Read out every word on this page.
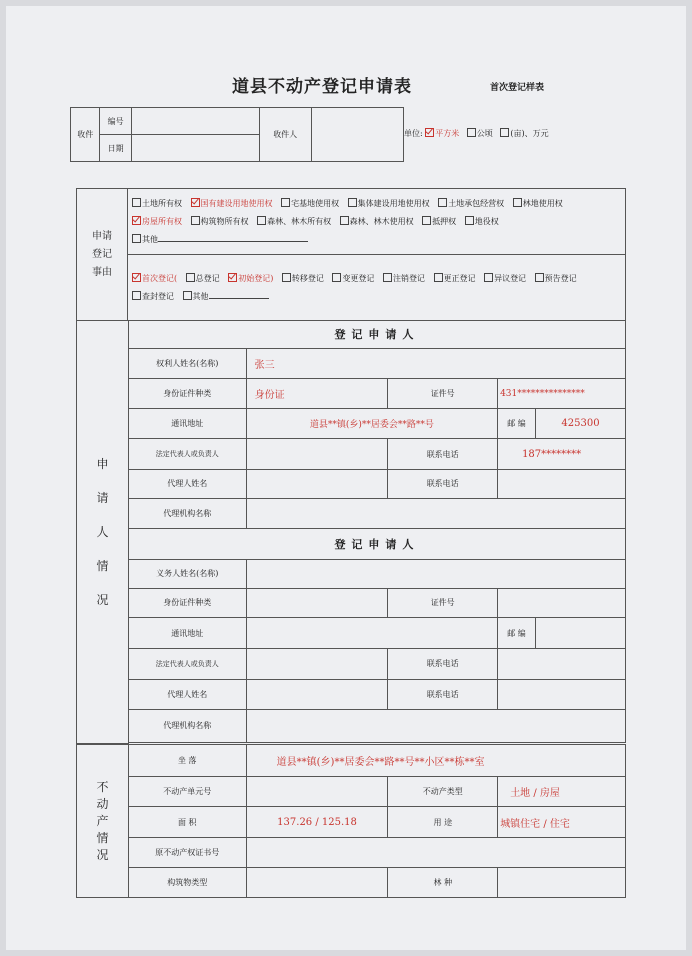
道县不动产登记申请表	首次登记样表
收件	编号		收件人	
	日期			
单位: 平方米 公顷 (亩)、万元
申请
登记
事由
	土地所有权 国有建设用地使用权 宅基地使用权 集体建设用地使用权 土地承包经营权 林地使用权 房屋所有权 构筑物所有权 森林、林木所有权 森林、林木使用权 抵押权 地役权 其他
首次登记( 总登记 初始登记) 转移登记 变更登记 注销登记 更正登记 异议登记 预告登记 查封登记 其他
申
请
人
情
况	登记申请人				
	权利人姓名(名称)	张三			
	身份证件种类	身份证	证件号	431***************	
	通讯地址	道县**镇(乡)**居委会**路**号		邮 编	425300
	法定代表人或负责人		联系电话	187********	
	代理人姓名		联系电话		
	代理机构名称				
	登记申请人				
	义务人姓名(名称)				
	身份证件种类		证件号		
	通讯地址			邮 编	
	法定代表人或负责人		联系电话		
	代理人姓名		联系电话		
	代理机构名称				

不
动
产
情
况	坐 落	道县**镇(乡)**居委会**路**号**小区**栋**室		
	不动产单元号		不动产类型	土地 / 房屋
	面 积	137.26 / 125.18	用 途	城镇住宅 / 住宅
	原不动产权证书号			
	构筑物类型		林 种	
